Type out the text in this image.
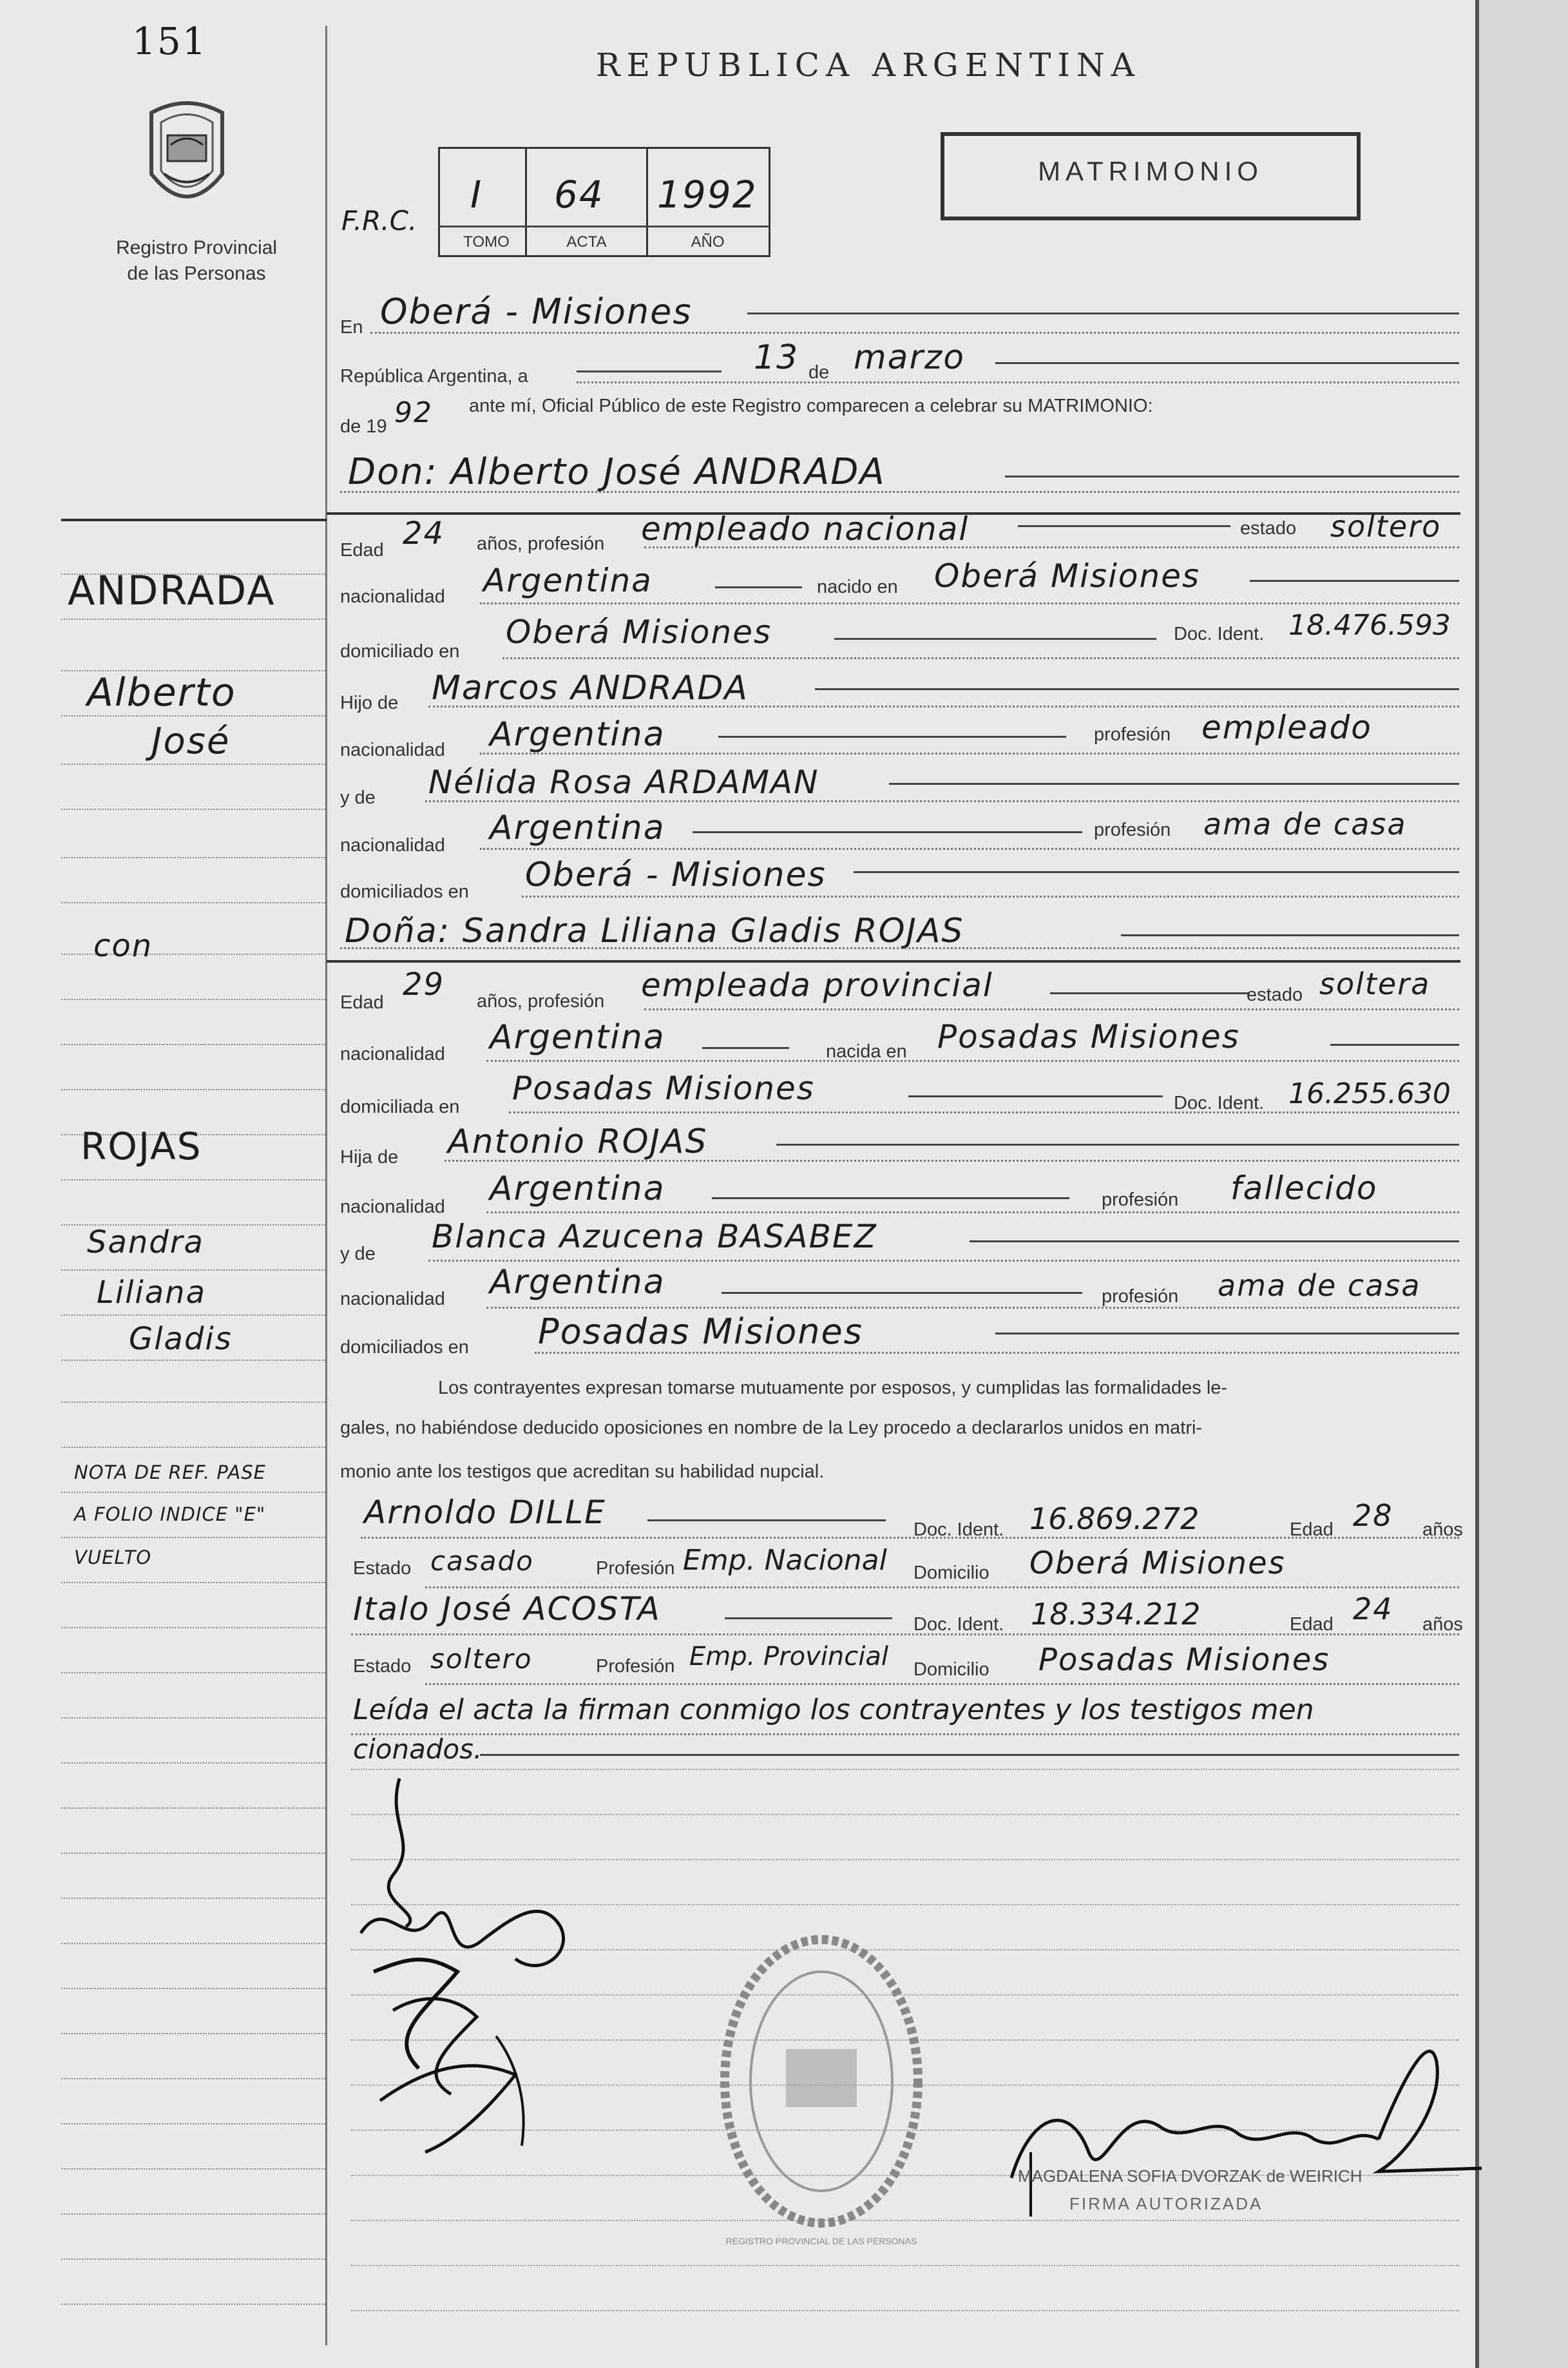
151
Registro Provincial
de las Personas
REPUBLICA ARGENTINA
F.R.C.
I 64 1992
TOMO	ACTA	AÑO
MATRIMONIO
ANDRADA
Alberto
José
con
ROJAS
Sandra
Liliana
Gladis
NOTA DE REF. PASE
A FOLIO INDICE "E"
VUELTO
En Oberá - Misiones
República Argentina, a	13 de marzo
de 19 92 ante mí, Oficial Público de este Registro comparecen a celebrar su MATRIMONIO:
Don: Alberto José ANDRADA
Edad 24 años, profesión empleado nacional	estado soltero
nacionalidad Argentina	nacido en Oberá Misiones
domiciliado en
Oberá Misiones	Doc. Ident. 18.476.593
Hijo de Marcos ANDRADA
nacionalidad Argentina	profesión empleado
y de Nélida Rosa ARDAMAN
nacionalidad Argentina	profesión ama de casa
domiciliados en Oberá - Misiones
Doña: Sandra Liliana Gladis ROJAS
Edad 29 años, profesión empleada provincial	estado soltera
nacionalidad Argentina	nacida en Posadas Misiones
domiciliada en Posadas Misiones	Doc. Ident. 16.255.630
Hija de Antonio ROJAS
nacionalidad Argentina	profesión fallecido
y de Blanca Azucena BASABEZ
nacionalidad Argentina	profesión ama de casa
domiciliados en Posadas Misiones
Los contrayentes expresan tomarse mutuamente por esposos, y cumplidas las formalidades le-
gales, no habiéndose deducido oposiciones en nombre de la Ley procedo a declararlos unidos en matri-
monio ante los testigos que acreditan su habilidad nupcial.
Arnoldo DILLE	Doc. Ident. 16.869.272	Edad 28 años
Estado casado	Profesión Emp. Nacional Domicilio Oberá Misiones
Italo José ACOSTA	Doc. Ident. 18.334.212	Edad 24 años
Estado soltero	Profesión Emp. Provincial Domicilio Posadas Misiones
Leída el acta la firman conmigo los contrayentes y los testigos men
cionados.
REGISTRO PROVINCIAL DE LAS PERSONAS
MAGDALENA SOFIA DVORZAK de WEIRICH
FIRMA AUTORIZADA
